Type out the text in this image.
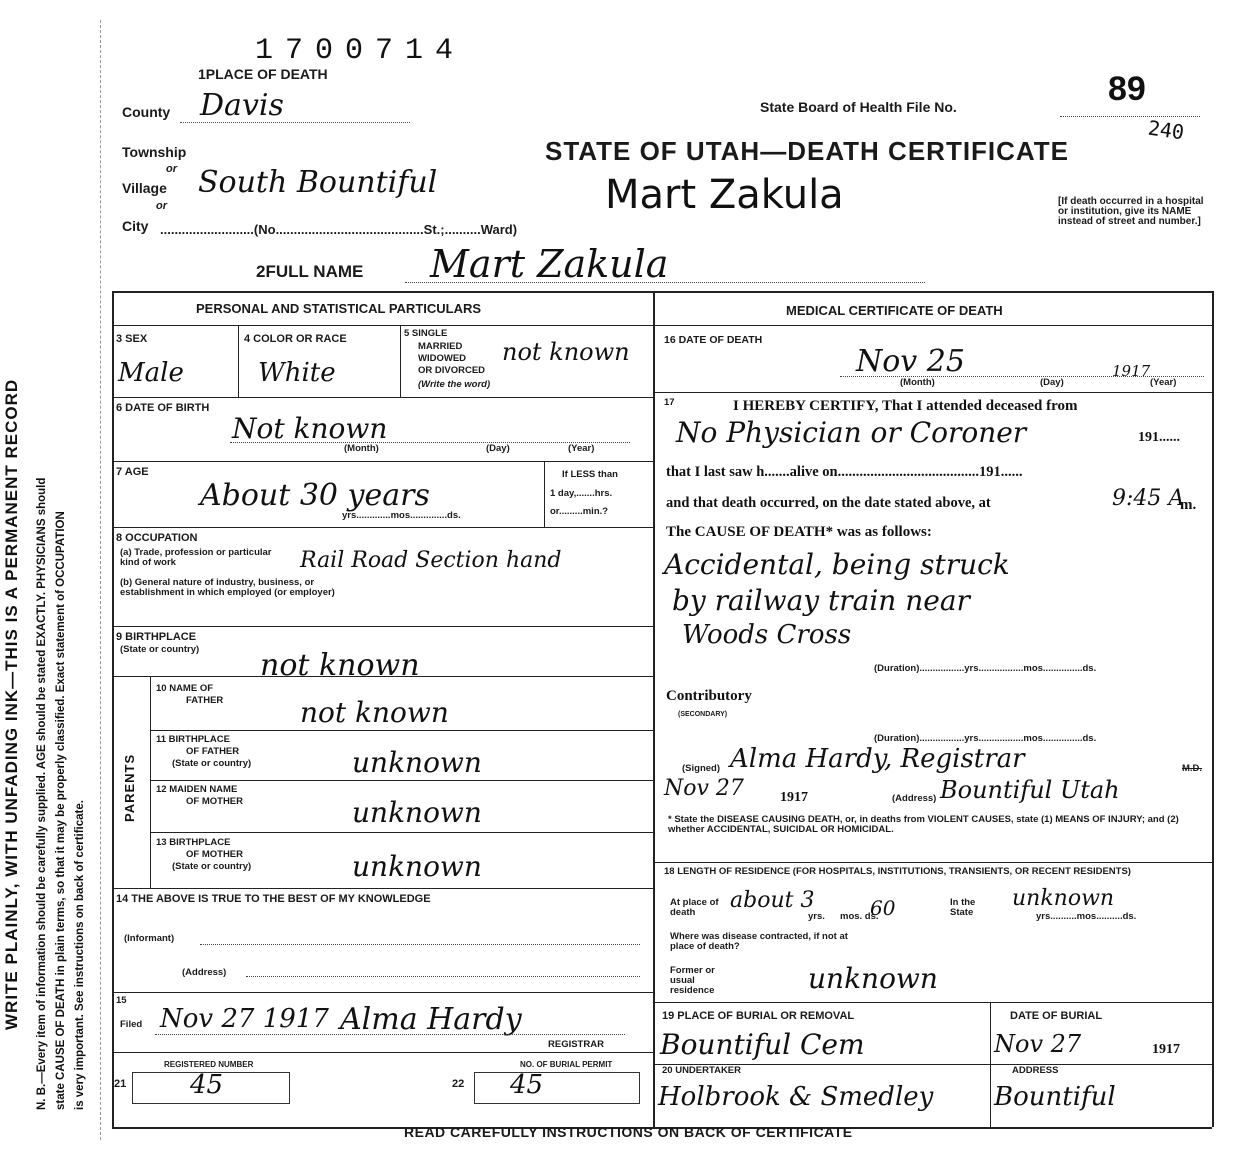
WRITE PLAINLY, WITH UNFADING INK—THIS IS A PERMANENT RECORD N. B.—Every item of information should be carefully supplied. AGE should be stated EXACTLY. PHYSICIANS should state CAUSE OF DEATH in plain terms, so that it may be properly classified. Exact statement of OCCUPATION is very important. See instructions on back of certificate.
1700714
1PLACE OF DEATH
County Davis
Township
or
Village South Bountiful
or
City ..........................(No.........................................St.;..........Ward)
State Board of Health File No.	89
240
STATE OF UTAH—DEATH CERTIFICATE
Mart Zakula	[If death occurred in a hospital or institution, give its NAME instead of street and number.]
2FULL NAME Mart Zakula
PERSONAL AND STATISTICAL PARTICULARS	MEDICAL CERTIFICATE OF DEATH
3 SEX
Male
4 COLOR OR RACE
White
5 SINGLE
MARRIED
WIDOWED
OR DIVORCED
(Write the word)
not known
6 DATE OF BIRTH
Not known
(Month)	(Day)	(Year)
7 AGE
About 30 years
yrs.............mos..............ds.
If LESS than
1 day,.......hrs.
or.........min.?
8 OCCUPATION
(a) Trade, profession or particular kind of work	Rail Road Section hand
(b) General nature of industry, business, or establishment in which employed (or employer)
9 BIRTHPLACE
(State or country) not known
PARENTS
10 NAME OF
FATHER	not known
11 BIRTHPLACE
OF FATHER
(State or country)	unknown
12 MAIDEN NAME
OF MOTHER	unknown
13 BIRTHPLACE
OF MOTHER
(State or country)	unknown
14 THE ABOVE IS TRUE TO THE BEST OF MY KNOWLEDGE
(Informant)
(Address)
15
Filed Nov 27 1917 Alma Hardy
REGISTRAR
REGISTERED NUMBER
21 45
NO. OF BURIAL PERMIT
22 45
16 DATE OF DEATH
Nov 25	1917
(Month)	(Day)	(Year)
17	I HEREBY CERTIFY, That I attended deceased from
No Physician or Coroner	191......
that I last saw h.......alive on.......................................191......
and that death occurred, on the date stated above, at	9:45 A
m.
The CAUSE OF DEATH* was as follows:
Accidental, being struck
by railway train near
Woods Cross
(Duration).................yrs.................mos...............ds.
Contributory
(SECONDARY)
(Duration).................yrs.................mos...............ds.
(Signed) Alma Hardy, Registrar	M.D.
Nov 27	1917	(Address) Bountiful Utah
* State the DISEASE CAUSING DEATH, or, in deaths from VIOLENT CAUSES, state (1) MEANS OF INJURY; and (2) whether ACCIDENTAL, SUICIDAL OR HOMICIDAL.
18 LENGTH OF RESIDENCE (FOR HOSPITALS, INSTITUTIONS, TRANSIENTS, OR RECENT RESIDENTS)
At place of death	about 3
yrs. 60
mos. ds.
In the State
unknown
yrs..........mos..........ds.
Where was disease contracted, if not at place of death?
Former or usual residence	unknown
19 PLACE OF BURIAL OR REMOVAL
Bountiful Cem
DATE OF BURIAL
Nov 27	1917
20 UNDERTAKER
Holbrook & Smedley
ADDRESS
Bountiful
READ CAREFULLY INSTRUCTIONS ON BACK OF CERTIFICATE
